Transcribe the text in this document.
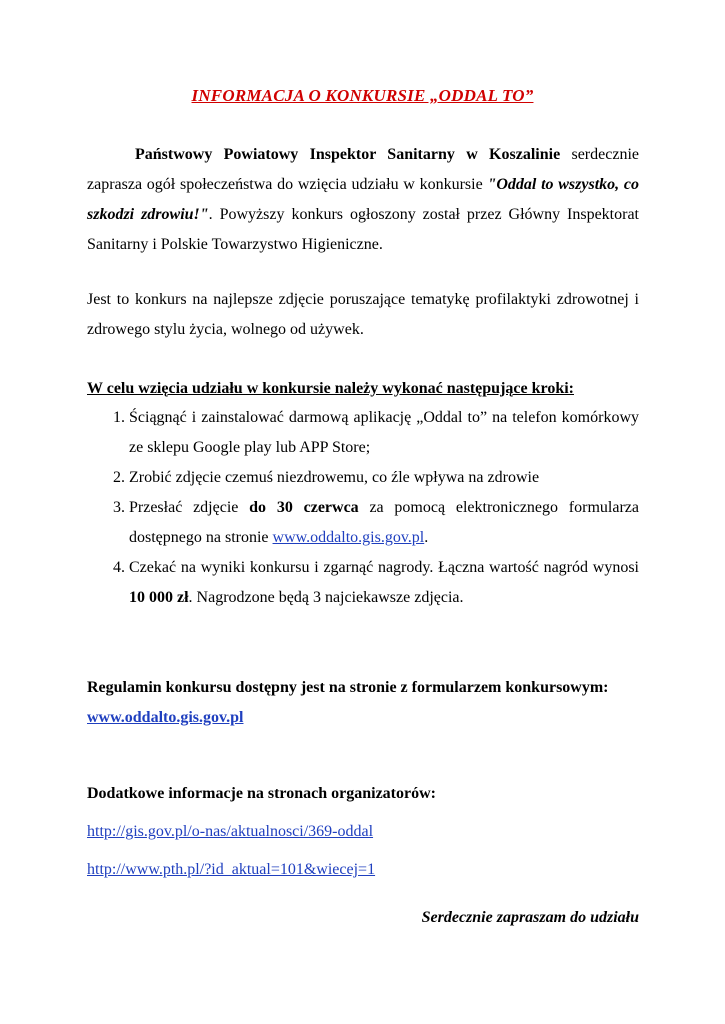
INFORMACJA O KONKURSIE „ODDAL TO”
Państwowy Powiatowy Inspektor Sanitarny w Koszalinie serdecznie zaprasza ogół społeczeństwa do wzięcia udziału w konkursie "Oddal to wszystko, co szkodzi zdrowiu!". Powyższy konkurs ogłoszony został przez Główny Inspektorat Sanitarny i Polskie Towarzystwo Higieniczne.
Jest to konkurs na najlepsze zdjęcie poruszające tematykę profilaktyki zdrowotnej i zdrowego stylu życia, wolnego od używek.
W celu wzięcia udziału w konkursie należy wykonać następujące kroki:
1. Ściągnąć i zainstalować darmową aplikację „Oddal to” na telefon komórkowy ze sklepu Google play lub APP Store;
2. Zrobić zdjęcie czemuś niezdrowemu, co źle wpływa na zdrowie
3. Przesłać zdjęcie do 30 czerwca za pomocą elektronicznego formularza dostępnego na stronie www.oddalto.gis.gov.pl.
4. Czekać na wyniki konkursu i zgarnąć nagrody. Łączna wartość nagród wynosi 10 000 zł. Nagrodzone będą 3 najciekawsze zdjęcia.
Regulamin konkursu dostępny jest na stronie z formularzem konkursowym:
www.oddalto.gis.gov.pl
Dodatkowe informacje na stronach organizatorów:
http://gis.gov.pl/o-nas/aktualnosci/369-oddal
http://www.pth.pl/?id_aktual=101&wiecej=1
Serdecznie zapraszam do udziału
